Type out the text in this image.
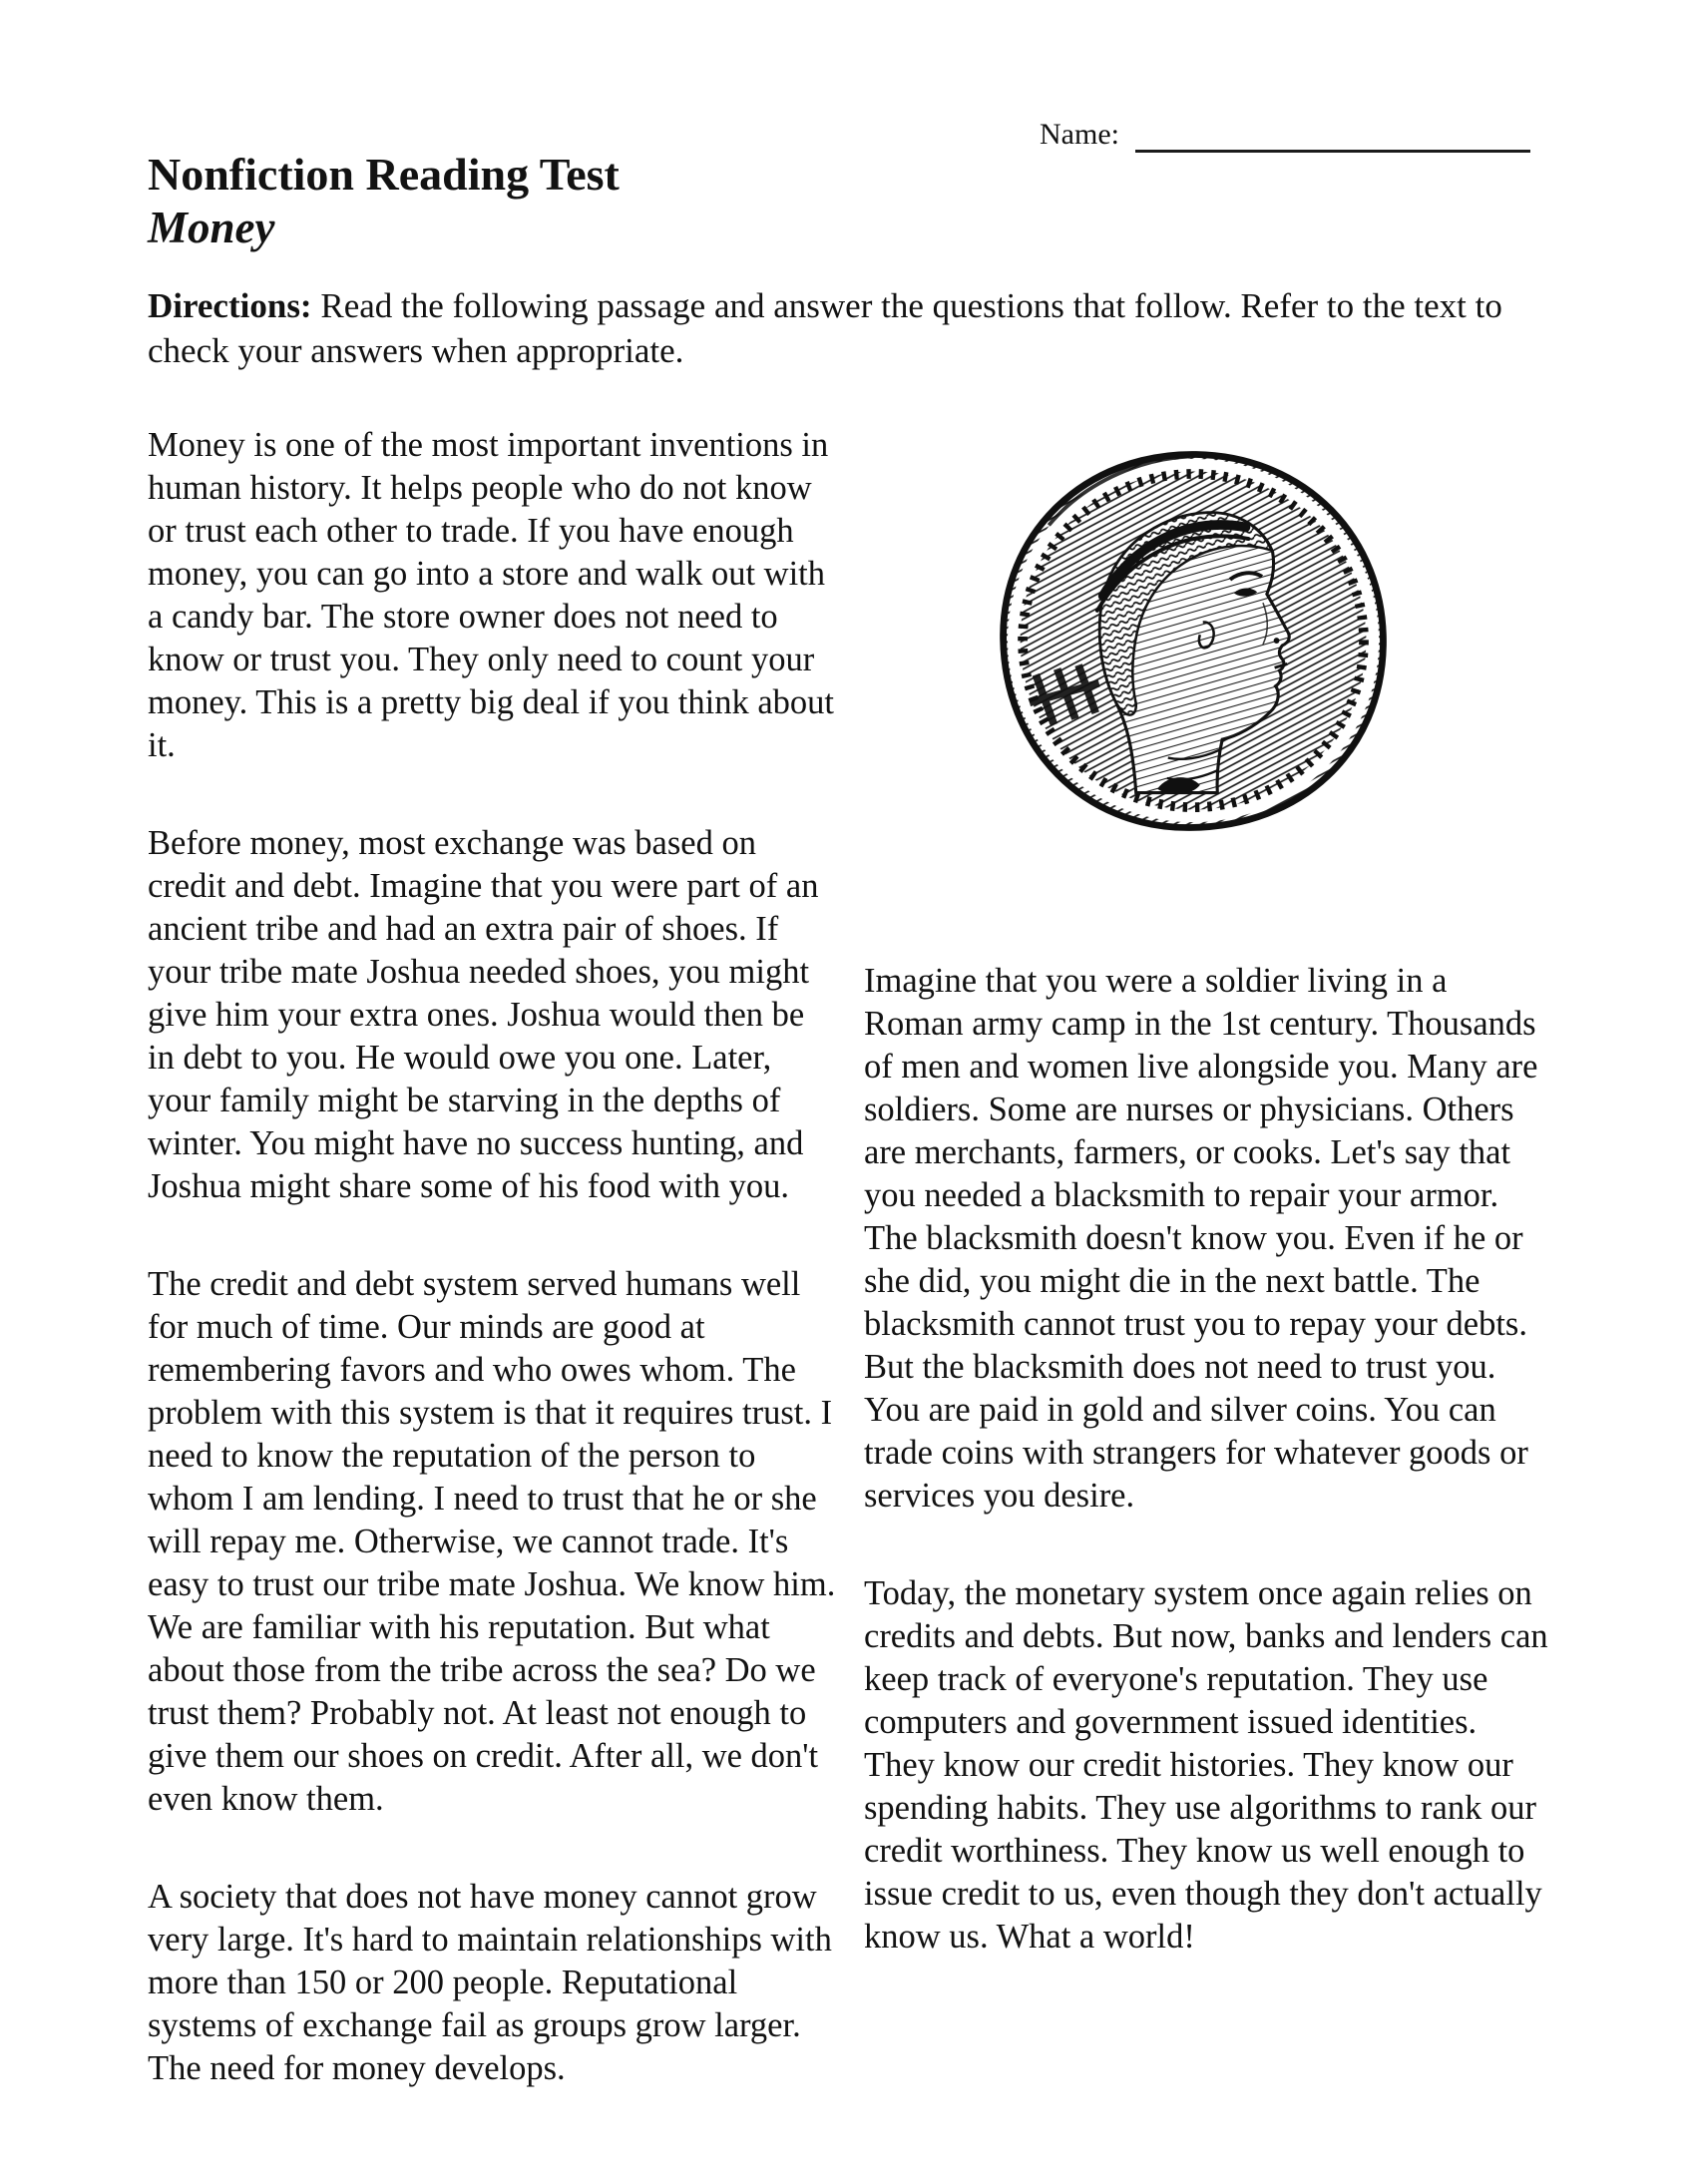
Name:
Nonfiction Reading Test
Money

Directions: Read the following passage and answer the questions that follow. Refer to the text to check your answers when appropriate.

Money is one of the most important inventions in human history. It helps people who do not know or trust each other to trade. If you have enough money, you can go into a store and walk out with a candy bar. The store owner does not need to know or trust you. They only need to count your money. This is a pretty big deal if you think about it.

Before money, most exchange was based on credit and debt. Imagine that you were part of an ancient tribe and had an extra pair of shoes. If your tribe mate Joshua needed shoes, you might give him your extra ones. Joshua would then be in debt to you. He would owe you one. Later, your family might be starving in the depths of winter. You might have no success hunting, and Joshua might share some of his food with you.

The credit and debt system served humans well for much of time. Our minds are good at remembering favors and who owes whom. The problem with this system is that it requires trust. I need to know the reputation of the person to whom I am lending. I need to trust that he or she will repay me. Otherwise, we cannot trade. It's easy to trust our tribe mate Joshua. We know him. We are familiar with his reputation. But what about those from the tribe across the sea? Do we trust them? Probably not. At least not enough to give them our shoes on credit. After all, we don't even know them.

A society that does not have money cannot grow very large. It's hard to maintain relationships with more than 150 or 200 people. Reputational systems of exchange fail as groups grow larger. The need for money develops.

Imagine that you were a soldier living in a Roman army camp in the 1st century. Thousands of men and women live alongside you. Many are soldiers. Some are nurses or physicians. Others are merchants, farmers, or cooks. Let's say that you needed a blacksmith to repair your armor. The blacksmith doesn't know you. Even if he or she did, you might die in the next battle. The blacksmith cannot trust you to repay your debts. But the blacksmith does not need to trust you. You are paid in gold and silver coins. You can trade coins with strangers for whatever goods or services you desire.

Today, the monetary system once again relies on credits and debts. But now, banks and lenders can keep track of everyone's reputation. They use computers and government issued identities. They know our credit histories. They know our spending habits. They use algorithms to rank our credit worthiness. They know us well enough to issue credit to us, even though they don't actually know us. What a world!
